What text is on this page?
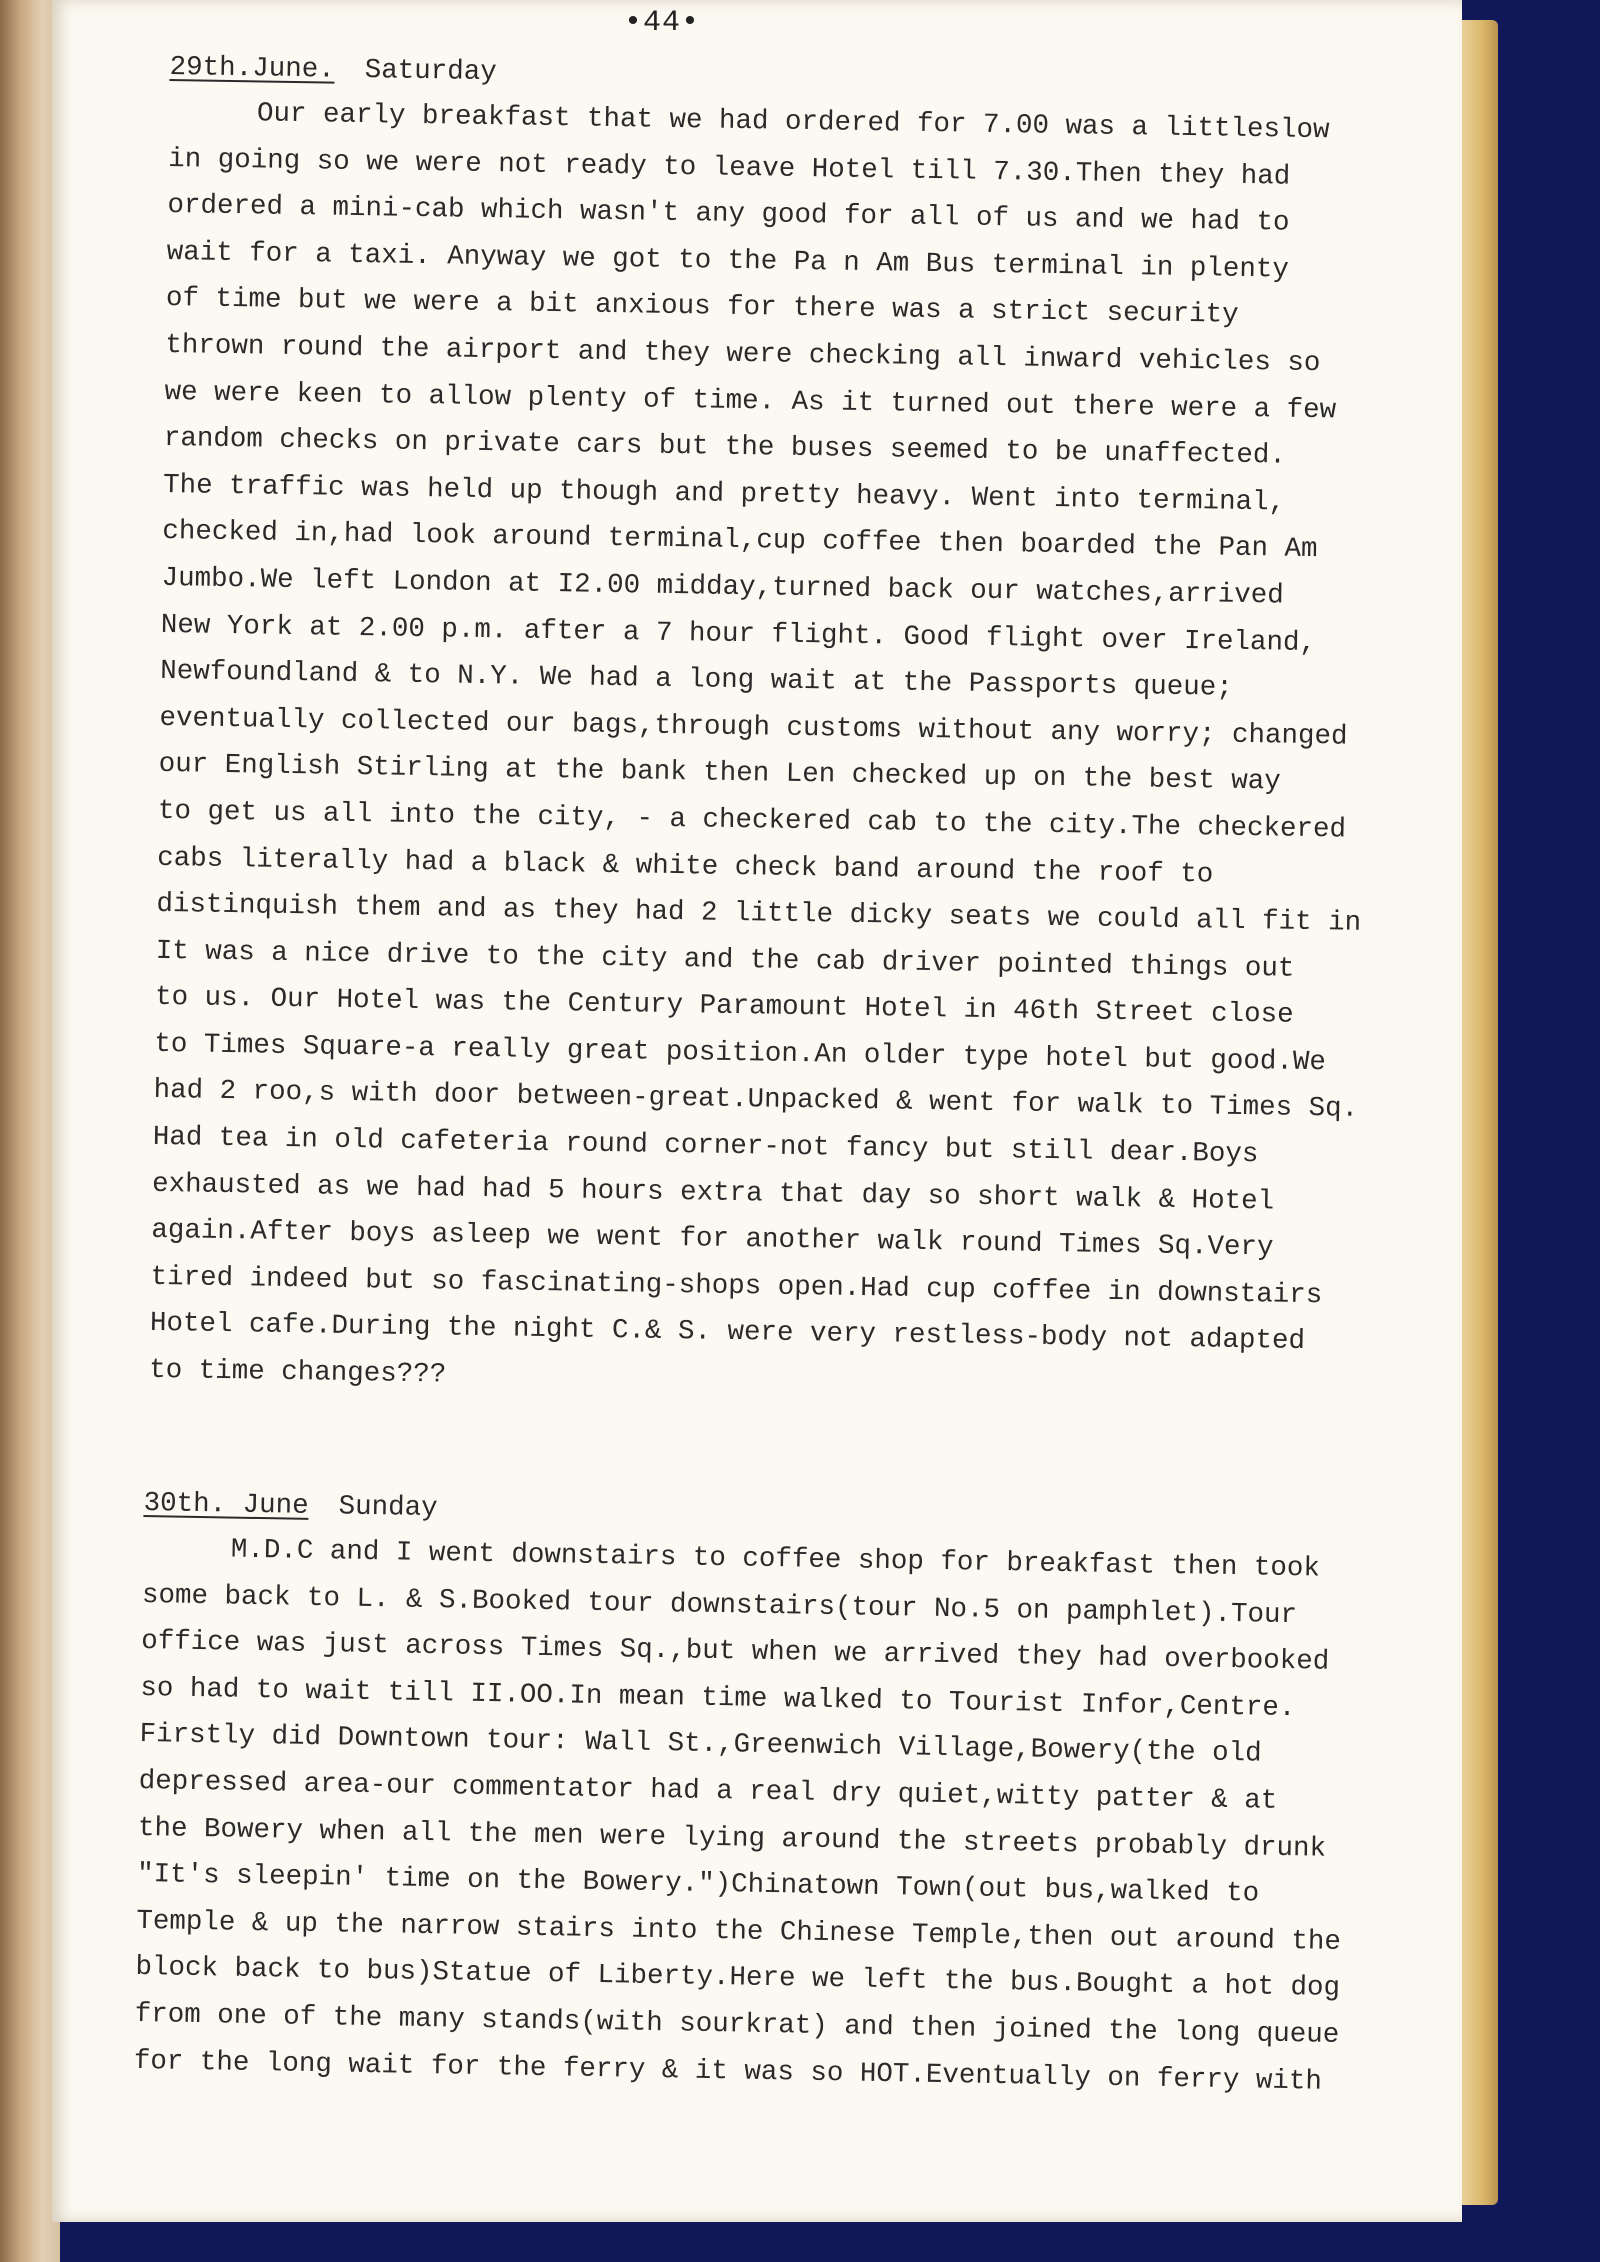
•44•
29th.June. Saturday
Our early breakfast that we had ordered for 7.00 was a littleslow
in going so we were not ready to leave Hotel till 7.30.Then they had
ordered a mini-cab which wasn't any good for all of us and we had to
wait for a taxi. Anyway we got to the Pa n Am Bus terminal in plenty
of time but we were a bit anxious for there was a strict security
thrown round the airport and they were checking all inward vehicles so
we were keen to allow plenty of time. As it turned out there were a few
random checks on private cars but the buses seemed to be unaffected.
The traffic was held up though and pretty heavy. Went into terminal,
checked in,had look around terminal,cup coffee then boarded the Pan Am
Jumbo.We left London at I2.00 midday,turned back our watches,arrived
New York at 2.00 p.m. after a 7 hour flight. Good flight over Ireland,
Newfoundland & to N.Y. We had a long wait at the Passports queue;
eventually collected our bags,through customs without any worry; changed
our English Stirling at the bank then Len checked up on the best way
to get us all into the city, - a checkered cab to the city.The checkered
cabs literally had a black & white check band around the roof to
distinquish them and as they had 2 little dicky seats we could all fit in
It was a nice drive to the city and the cab driver pointed things out
to us. Our Hotel was the Century Paramount Hotel in 46th Street close
to Times Square-a really great position.An older type hotel but good.We
had 2 roo,s with door between-great.Unpacked & went for walk to Times Sq.
Had tea in old cafeteria round corner-not fancy but still dear.Boys
exhausted as we had had 5 hours extra that day so short walk & Hotel
again.After boys asleep we went for another walk round Times Sq.Very
tired indeed but so fascinating-shops open.Had cup coffee in downstairs
Hotel cafe.During the night C.& S. were very restless-body not adapted
to time changes???
30th. June Sunday
M.D.C and I went downstairs to coffee shop for breakfast then took
some back to L. & S.Booked tour downstairs(tour No.5 on pamphlet).Tour
office was just across Times Sq.,but when we arrived they had overbooked
so had to wait till II.OO.In mean time walked to Tourist Infor,Centre.
Firstly did Downtown tour: Wall St.,Greenwich Village,Bowery(the old
depressed area-our commentator had a real dry quiet,witty patter & at
the Bowery when all the men were lying around the streets probably drunk
"It's sleepin' time on the Bowery.")Chinatown Town(out bus,walked to
Temple & up the narrow stairs into the Chinese Temple,then out around the
block back to bus)Statue of Liberty.Here we left the bus.Bought a hot dog
from one of the many stands(with sourkrat) and then joined the long queue
for the long wait for the ferry & it was so HOT.Eventually on ferry with
